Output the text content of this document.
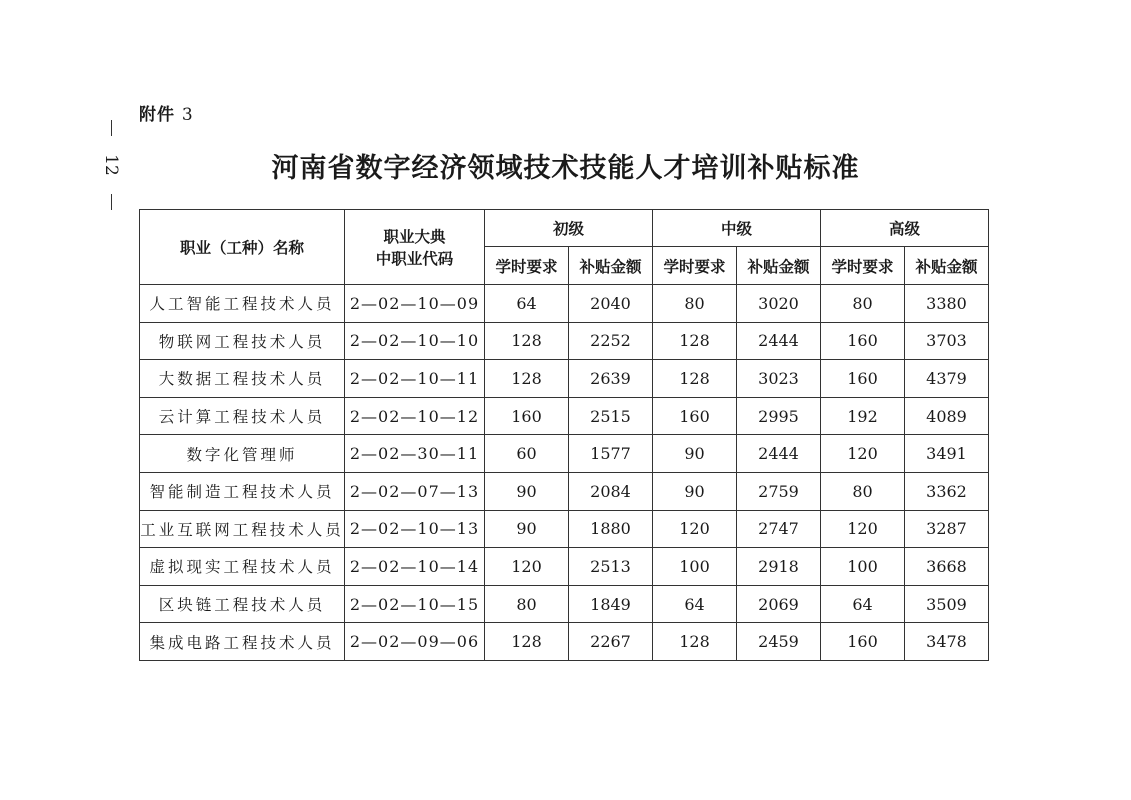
附件 3
12	河南省数字经济领域技术技能人才培训补贴标准
职业（工种）名称	职业大典
中职业代码	初级		中级		高级	
		学时要求	补贴金额	学时要求	补贴金额	学时要求	补贴金额
人工智能工程技术人员	2—02—10—09	64	2040	80	3020	80	3380
物联网工程技术人员	2—02—10—10	128	2252	128	2444	160	3703
大数据工程技术人员	2—02—10—11	128	2639	128	3023	160	4379
云计算工程技术人员	2—02—10—12	160	2515	160	2995	192	4089
数字化管理师	2—02—30—11	60	1577	90	2444	120	3491
智能制造工程技术人员	2—02—07—13	90	2084	90	2759	80	3362
工业互联网工程技术人员	2—02—10—13	90	1880	120	2747	120	3287
虚拟现实工程技术人员	2—02—10—14	120	2513	100	2918	100	3668
区块链工程技术人员	2—02—10—15	80	1849	64	2069	64	3509
集成电路工程技术人员	2—02—09—06	128	2267	128	2459	160	3478
